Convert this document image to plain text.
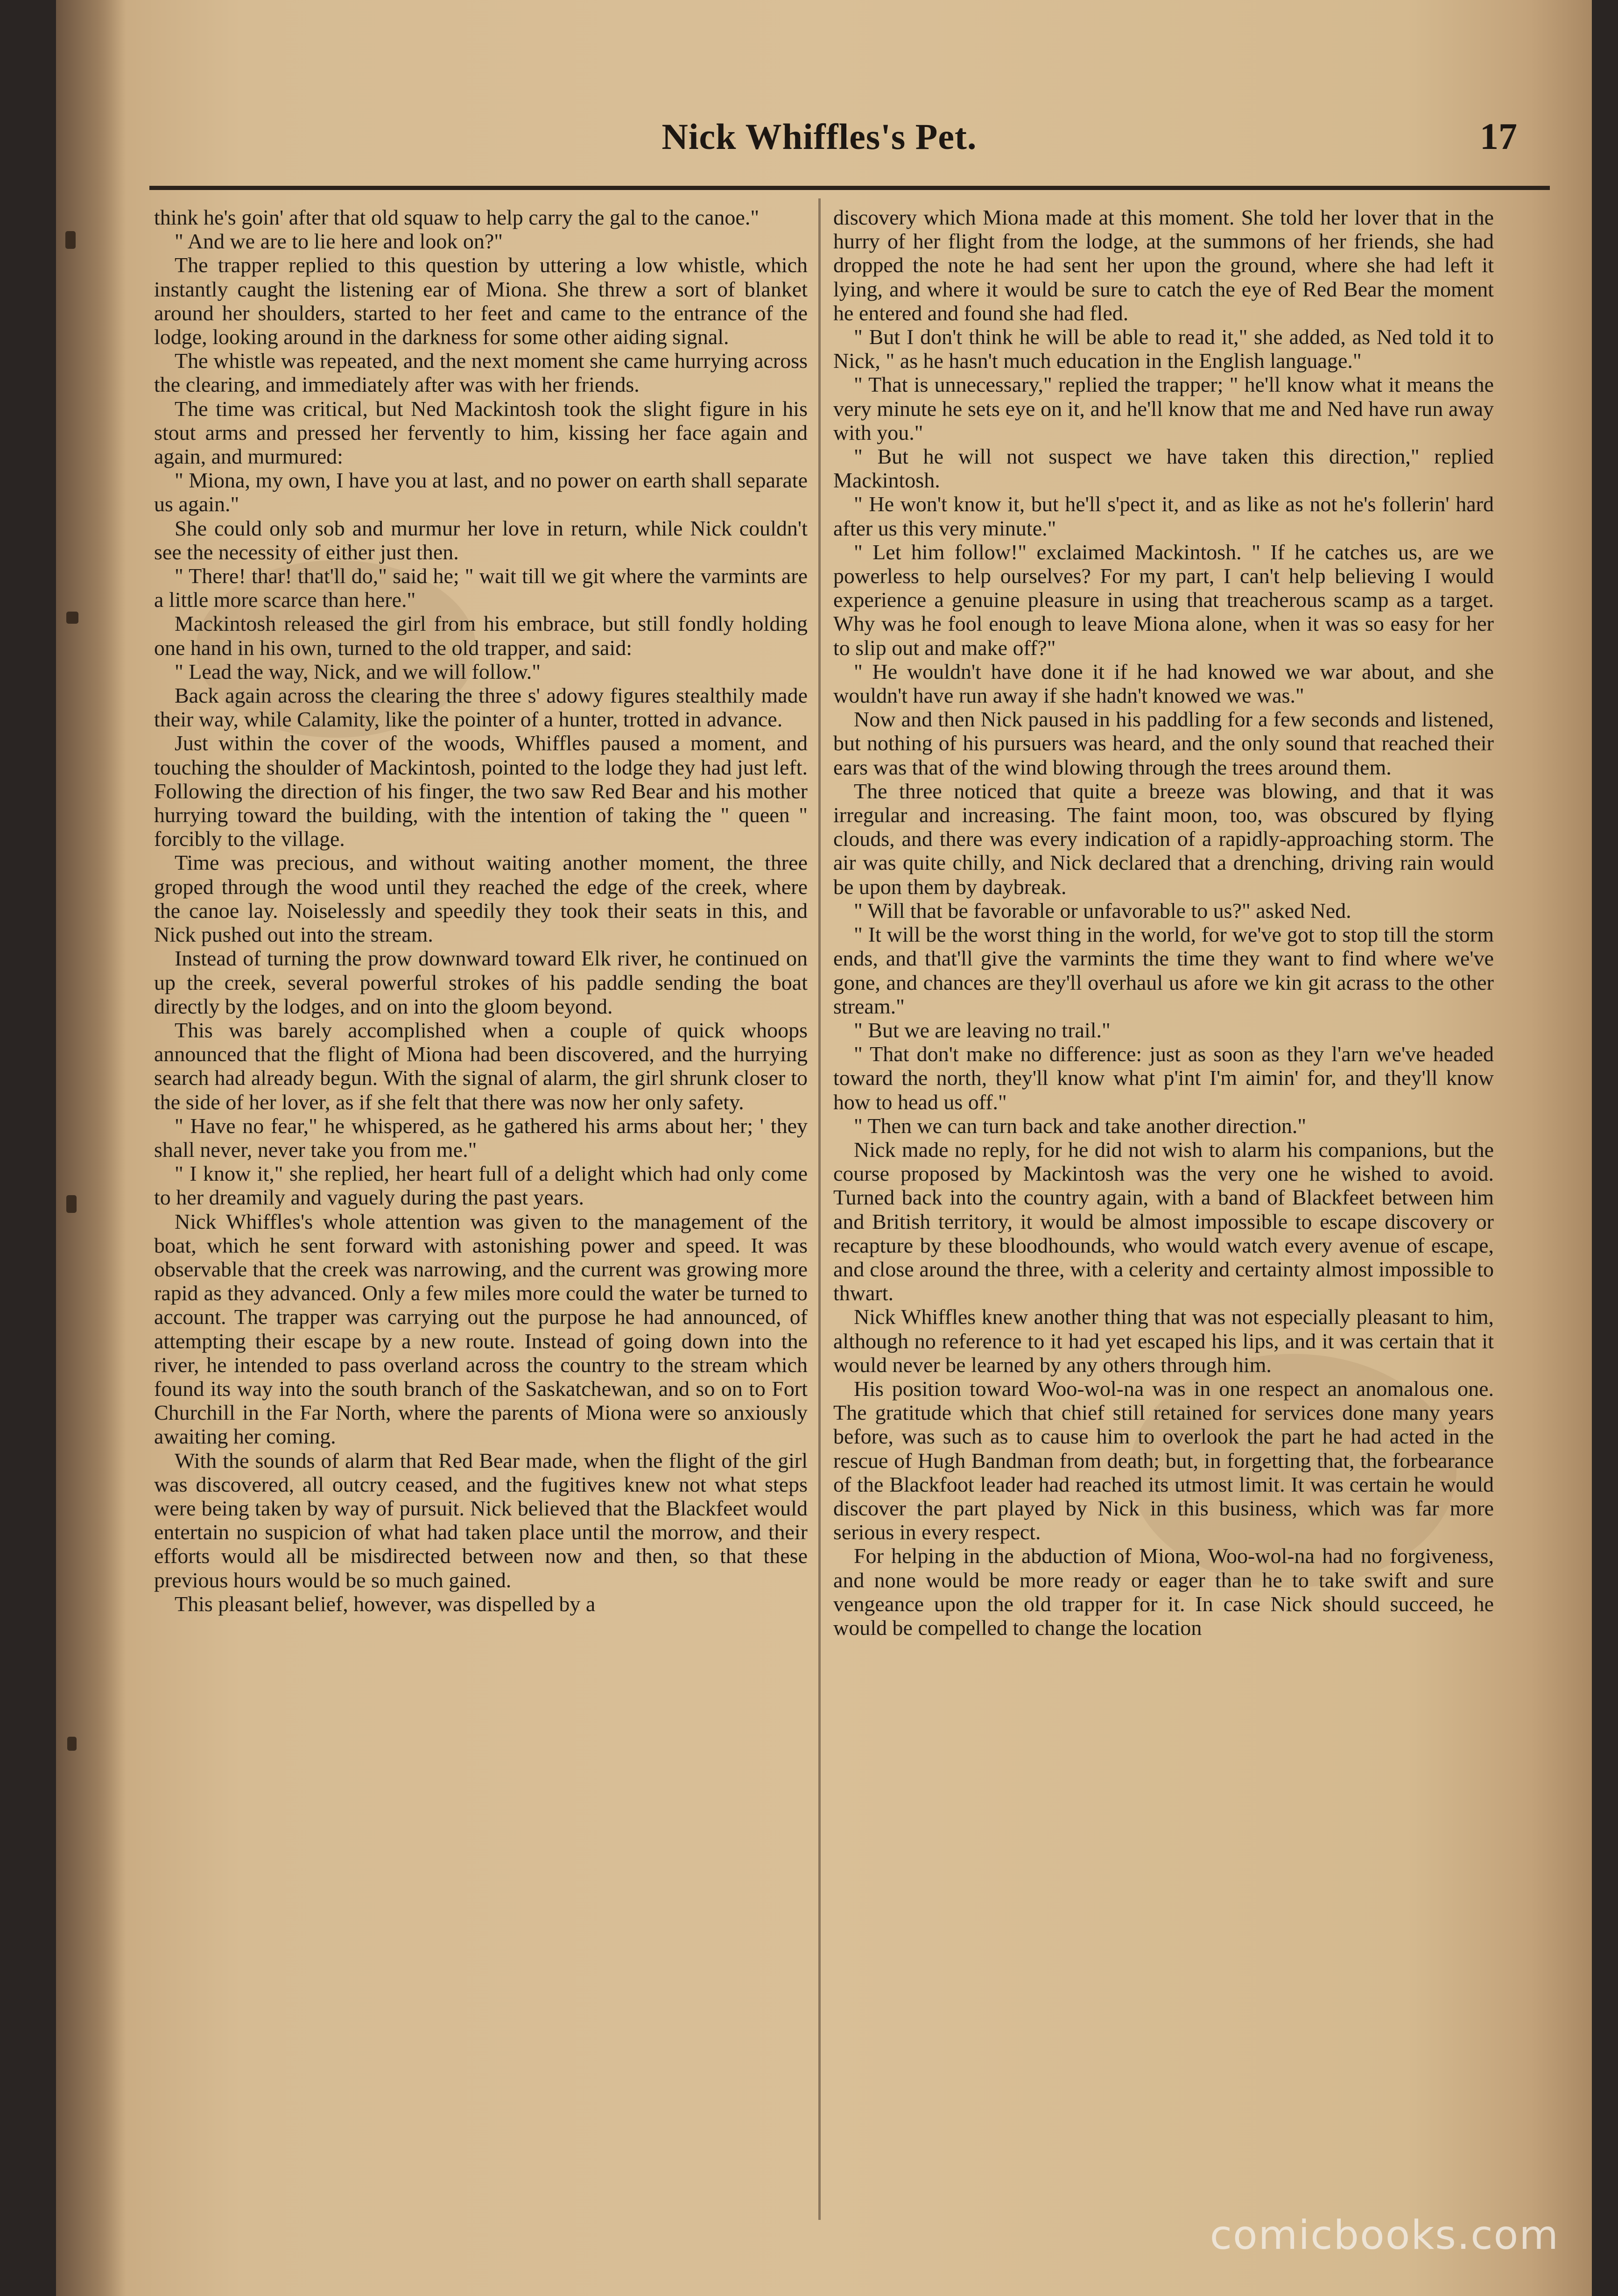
Nick Whiffles's Pet.	17

think he's goin' after that old squaw to help carry the gal to the canoe."

" And we are to lie here and look on?"

The trapper replied to this question by uttering a low whistle, which instantly caught the listening ear of Miona. She threw a sort of blanket around her shoulders, started to her feet and came to the entrance of the lodge, looking around in the darkness for some other aiding signal.

The whistle was repeated, and the next moment she came hurrying across the clearing, and immediately after was with her friends.

The time was critical, but Ned Mackintosh took the slight figure in his stout arms and pressed her fervently to him, kissing her face again and again, and murmured:

" Miona, my own, I have you at last, and no power on earth shall separate us again."

She could only sob and murmur her love in return, while Nick couldn't see the necessity of either just then.

" There! thar! that'll do," said he; " wait till we git where the varmints are a little more scarce than here."

Mackintosh released the girl from his embrace, but still fondly holding one hand in his own, turned to the old trapper, and said:

" Lead the way, Nick, and we will follow."

Back again across the clearing the three s' adowy figures stealthily made their way, while Calamity, like the pointer of a hunter, trotted in advance.

Just within the cover of the woods, Whiffles paused a moment, and touching the shoulder of Mackintosh, pointed to the lodge they had just left. Following the direction of his finger, the two saw Red Bear and his mother hurrying toward the building, with the intention of taking the " queen " forcibly to the village.

Time was precious, and without waiting another moment, the three groped through the wood until they reached the edge of the creek, where the canoe lay. Noiselessly and speedily they took their seats in this, and Nick pushed out into the stream.

Instead of turning the prow downward toward Elk river, he continued on up the creek, several powerful strokes of his paddle sending the boat directly by the lodges, and on into the gloom beyond.

This was barely accomplished when a couple of quick whoops announced that the flight of Miona had been discovered, and the hurrying search had already begun. With the signal of alarm, the girl shrunk closer to the side of her lover, as if she felt that there was now her only safety.

" Have no fear," he whispered, as he gathered his arms about her; ' they shall never, never take you from me."

" I know it," she replied, her heart full of a delight which had only come to her dreamily and vaguely during the past years.

Nick Whiffles's whole attention was given to the management of the boat, which he sent forward with astonishing power and speed. It was observable that the creek was narrowing, and the current was growing more rapid as they advanced. Only a few miles more could the water be turned to account. The trapper was carrying out the purpose he had announced, of attempting their escape by a new route. Instead of going down into the river, he intended to pass overland across the country to the stream which found its way into the south branch of the Saskatchewan, and so on to Fort Churchill in the Far North, where the parents of Miona were so anxiously awaiting her coming.

With the sounds of alarm that Red Bear made, when the flight of the girl was discovered, all outcry ceased, and the fugitives knew not what steps were being taken by way of pursuit. Nick believed that the Blackfeet would entertain no suspicion of what had taken place until the morrow, and their efforts would all be misdirected between now and then, so that these previous hours would be so much gained.

This pleasant belief, however, was dispelled by a

discovery which Miona made at this moment. She told her lover that in the hurry of her flight from the lodge, at the summons of her friends, she had dropped the note he had sent her upon the ground, where she had left it lying, and where it would be sure to catch the eye of Red Bear the moment he entered and found she had fled.

" But I don't think he will be able to read it," she added, as Ned told it to Nick, " as he hasn't much education in the English language."

" That is unnecessary," replied the trapper; " he'll know what it means the very minute he sets eye on it, and he'll know that me and Ned have run away with you."

" But he will not suspect we have taken this direction," replied Mackintosh.

" He won't know it, but he'll s'pect it, and as like as not he's follerin' hard after us this very minute."

" Let him follow!" exclaimed Mackintosh. " If he catches us, are we powerless to help ourselves? For my part, I can't help believing I would experience a genuine pleasure in using that treacherous scamp as a target. Why was he fool enough to leave Miona alone, when it was so easy for her to slip out and make off?"

" He wouldn't have done it if he had knowed we war about, and she wouldn't have run away if she hadn't knowed we was."

Now and then Nick paused in his paddling for a few seconds and listened, but nothing of his pursuers was heard, and the only sound that reached their ears was that of the wind blowing through the trees around them.

The three noticed that quite a breeze was blowing, and that it was irregular and increasing. The faint moon, too, was obscured by flying clouds, and there was every indication of a rapidly-approaching storm. The air was quite chilly, and Nick declared that a drenching, driving rain would be upon them by daybreak.

" Will that be favorable or unfavorable to us?" asked Ned.

" It will be the worst thing in the world, for we've got to stop till the storm ends, and that'll give the varmints the time they want to find where we've gone, and chances are they'll overhaul us afore we kin git acrass to the other stream."

" But we are leaving no trail."

" That don't make no difference: just as soon as they l'arn we've headed toward the north, they'll know what p'int I'm aimin' for, and they'll know how to head us off."

" Then we can turn back and take another direction."

Nick made no reply, for he did not wish to alarm his companions, but the course proposed by Mackintosh was the very one he wished to avoid. Turned back into the country again, with a band of Blackfeet between him and British territory, it would be almost impossible to escape discovery or recapture by these bloodhounds, who would watch every avenue of escape, and close around the three, with a celerity and certainty almost impossible to thwart.

Nick Whiffles knew another thing that was not especially pleasant to him, although no reference to it had yet escaped his lips, and it was certain that it would never be learned by any others through him.

His position toward Woo-wol-na was in one respect an anomalous one. The gratitude which that chief still retained for services done many years before, was such as to cause him to overlook the part he had acted in the rescue of Hugh Bandman from death; but, in forgetting that, the forbearance of the Blackfoot leader had reached its utmost limit. It was certain he would discover the part played by Nick in this business, which was far more serious in every respect.

For helping in the abduction of Miona, Woo-wol-na had no forgiveness, and none would be more ready or eager than he to take swift and sure vengeance upon the old trapper for it. In case Nick should succeed, he would be compelled to change the location

comicbooks.com
